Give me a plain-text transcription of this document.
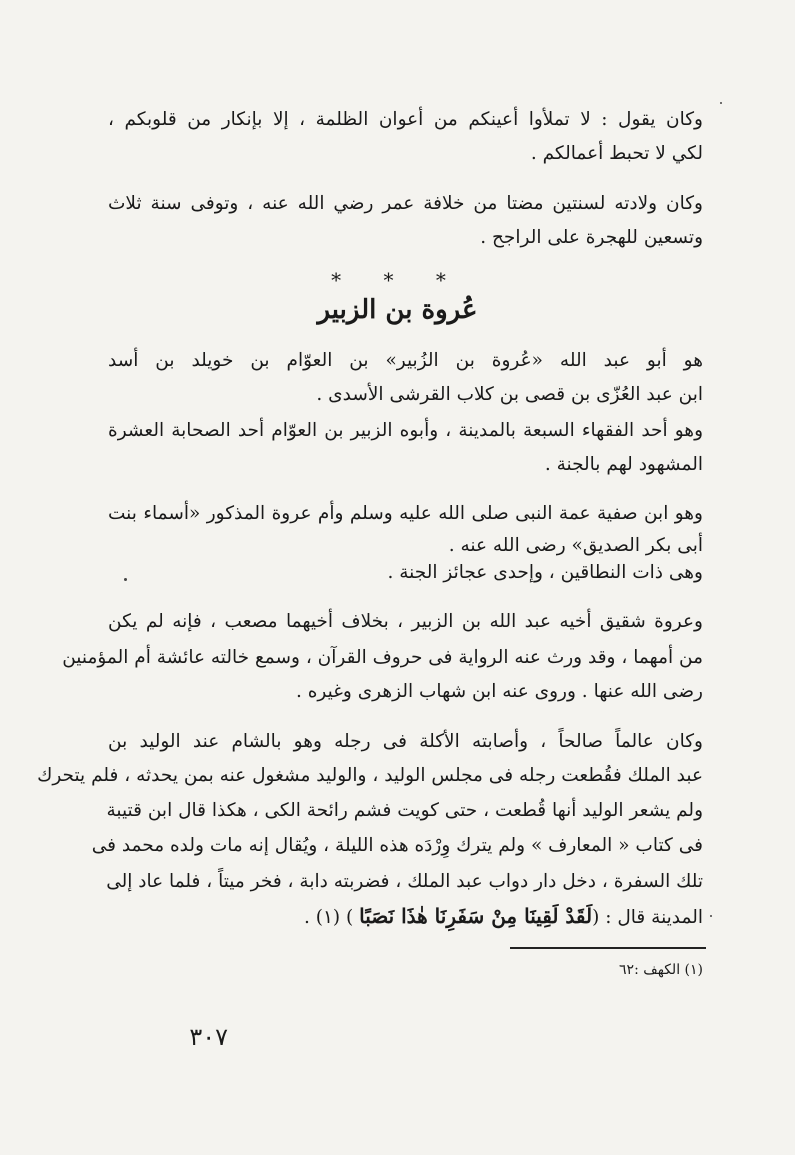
وكان يقول : لا تملأوا أعينكم من أعوان الظلمة ، إلا بإنكار من قلوبكم ،
لكي لا تحبط أعمالكم .
وكان ولادته لسنتين مضتا من خلافة عمر رضي الله عنه ، وتوفى سنة ثلاث
وتسعين للهجرة على الراجح .
* * *
عُروة بن الزبير
هو أبو عبد الله «عُروة بن الزُبير» بن العوّام بن خويلد بن أسد
ابن عبد العُزّى بن قصى بن كلاب القرشى الأسدى .
وهو أحد الفقهاء السبعة بالمدينة ، وأبوه الزبير بن العوّام أحد الصحابة العشرة
المشهود لهم بالجنة .
وهو ابن صفية عمة النبى صلى الله عليه وسلم وأم عروة المذكور «أسماء بنت
أبى بكر الصديق» رضى الله عنه .
وهى ذات النطاقين ، وإحدى عجائز الجنة .
وعروة شقيق أخيه عبد الله بن الزبير ، بخلاف أخيهما مصعب ، فإنه لم يكن
من أمهما ، وقد ورث عنه الرواية فى حروف القرآن ، وسمع خالته عائشة أم المؤمنين
رضى الله عنها . وروى عنه ابن شهاب الزهرى وغيره .
وكان عالماً صالحاً ، وأصابته الأكلة فى رجله وهو بالشام عند الوليد بن
عبد الملك فقُطعت رجله فى مجلس الوليد ، والوليد مشغول عنه بمن يحدثه ، فلم يتحرك
ولم يشعر الوليد أنها قُطعت ، حتى كويت فشم رائحة الكى ، هكذا قال ابن قتيبة
فى كتاب « المعارف » ولم يترك وِرْدَه هذه الليلة ، ويُقال إنه مات ولده محمد فى
تلك السفرة ، دخل دار دواب عبد الملك ، فضربته دابة ، فخر ميتاً ، فلما عاد إلى
المدينة قال : (لَقَدْ لَقِينَا مِنْ سَفَرِنَا هٰذَا نَصَبًا ) (١) .
(١) الكهف :٦٢
٣٠٧
